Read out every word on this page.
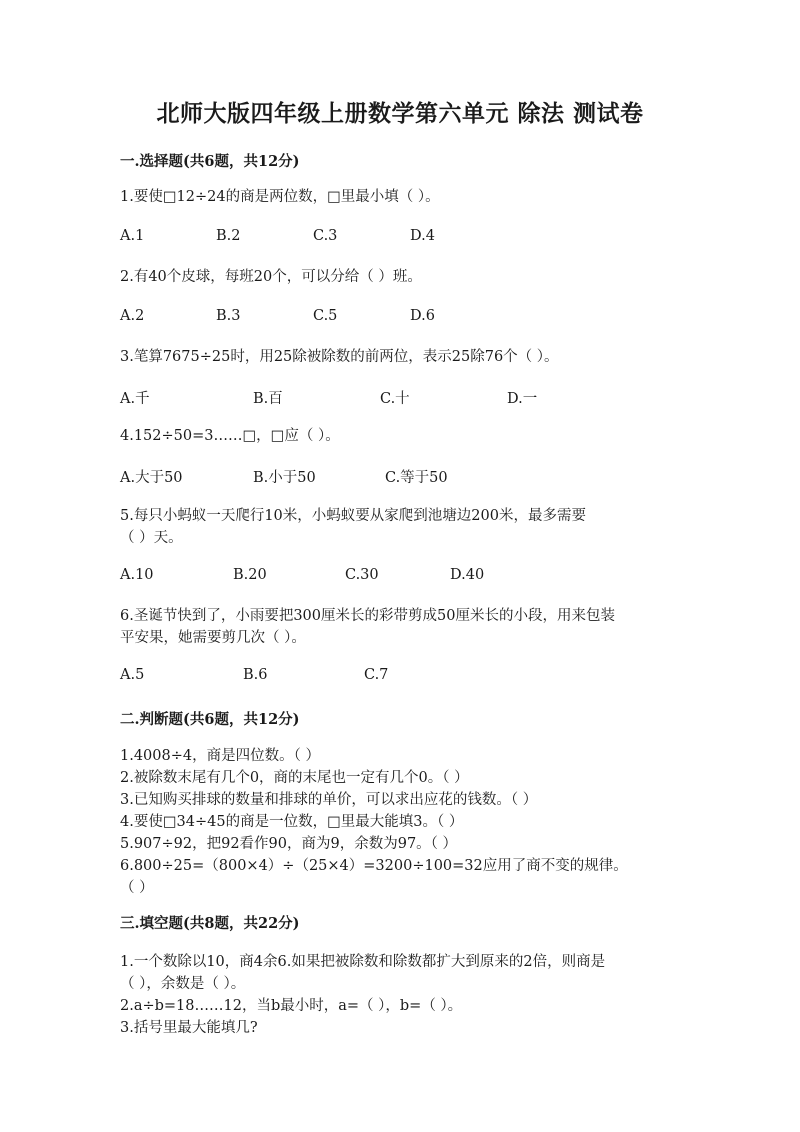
北师大版四年级上册数学第六单元 除法 测试卷
一.选择题(共6题，共12分)
1.要使□12÷24的商是两位数，□里最小填（ ）。
A.1	B.2	C.3	D.4
2.有40个皮球，每班20个，可以分给（ ）班。
A.2	B.3	C.5	D.6
3.笔算7675÷25时，用25除被除数的前两位，表示25除76个（ ）。
A.千	B.百	C.十	D.一
4.152÷50=3……□，□应（ ）。
A.大于50	B.小于50	C.等于50
5.每只小蚂蚁一天爬行10米，小蚂蚁要从家爬到池塘边200米，最多需要
（ ）天。
A.10	B.20	C.30	D.40
6.圣诞节快到了，小雨要把300厘米长的彩带剪成50厘米长的小段，用来包装
平安果，她需要剪几次（ ）。
A.5	B.6	C.7
二.判断题(共6题，共12分)
1.4008÷4，商是四位数。（ ）
2.被除数末尾有几个0，商的末尾也一定有几个0。（ ）
3.已知购买排球的数量和排球的单价，可以求出应花的钱数。（ ）
4.要使□34÷45的商是一位数，□里最大能填3。（ ）
5.907÷92，把92看作90，商为9，余数为97。（ ）
6.800÷25=（800×4）÷（25×4）=3200÷100=32应用了商不变的规律。
（ ）
三.填空题(共8题，共22分)
1.一个数除以10，商4余6.如果把被除数和除数都扩大到原来的2倍，则商是
（ ），余数是（ ）。
2.a÷b=18……12，当b最小时，a=（ ），b=（ ）。
3.括号里最大能填几?
